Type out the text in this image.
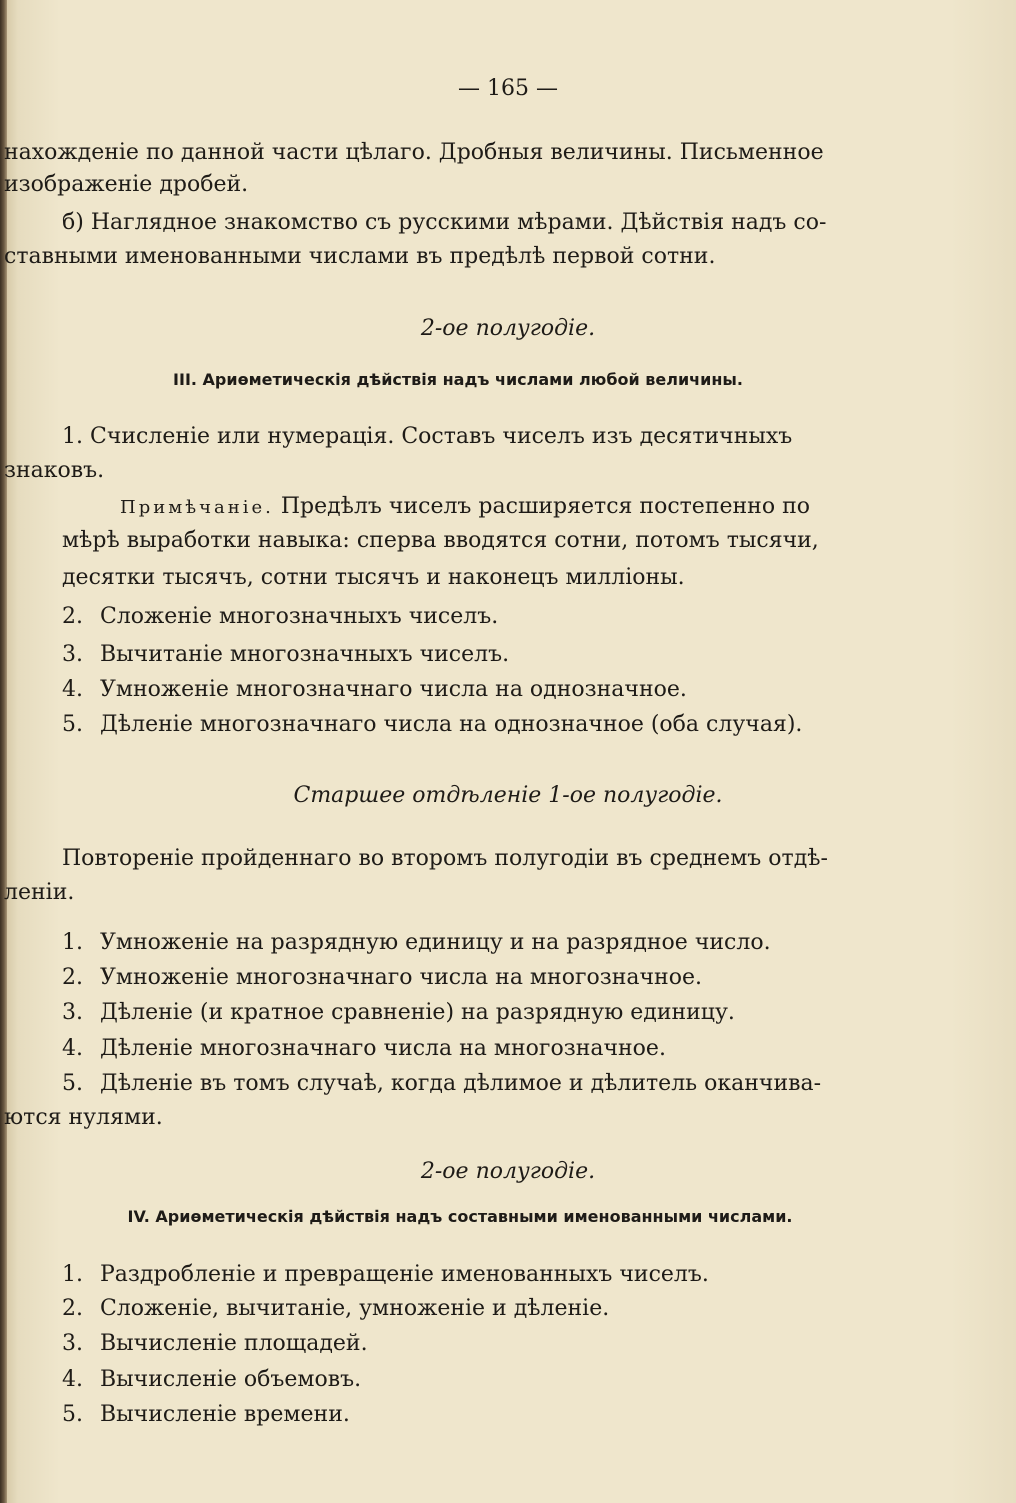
— 165 —
нахожденіе по данной части цѣлаго. Дробныя величины. Письменное
изображеніе дробей.
б) Наглядное знакомство съ русскими мѣрами. Дѣйствія надъ со-
ставными именованными числами въ предѣлѣ первой сотни.
2-ое полугодіе.
III. Ариѳметическія дѣйствія надъ числами любой величины.
1. Счисленіе или нумерація. Составъ чиселъ изъ десятичныхъ
знаковъ.
Примѣчаніе. Предѣлъ чиселъ расширяется постепенно по
мѣрѣ выработки навыка: сперва вводятся сотни, потомъ тысячи,
десятки тысячъ, сотни тысячъ и наконецъ милліоны.
2. Сложеніе многозначныхъ чиселъ.
3. Вычитаніе многозначныхъ чиселъ.
4. Умноженіе многозначнаго числа на однозначное.
5. Дѣленіе многозначнаго числа на однозначное (оба случая).
Старшее отдѣленіе 1-ое полугодіе.
Повтореніе пройденнаго во второмъ полугодіи въ среднемъ отдѣ-
леніи.
1. Умноженіе на разрядную единицу и на разрядное число.
2. Умноженіе многозначнаго числа на многозначное.
3. Дѣленіе (и кратное сравненіе) на разрядную единицу.
4. Дѣленіе многозначнаго числа на многозначное.
5. Дѣленіе въ томъ случаѣ, когда дѣлимое и дѣлитель оканчива-
ются нулями.
2-ое полугодіе.
IV. Ариѳметическія дѣйствія надъ составными именованными числами.
1. Раздробленіе и превращеніе именованныхъ чиселъ.
2. Сложеніе, вычитаніе, умноженіе и дѣленіе.
3. Вычисленіе площадей.
4. Вычисленіе объемовъ.
5. Вычисленіе времени.
